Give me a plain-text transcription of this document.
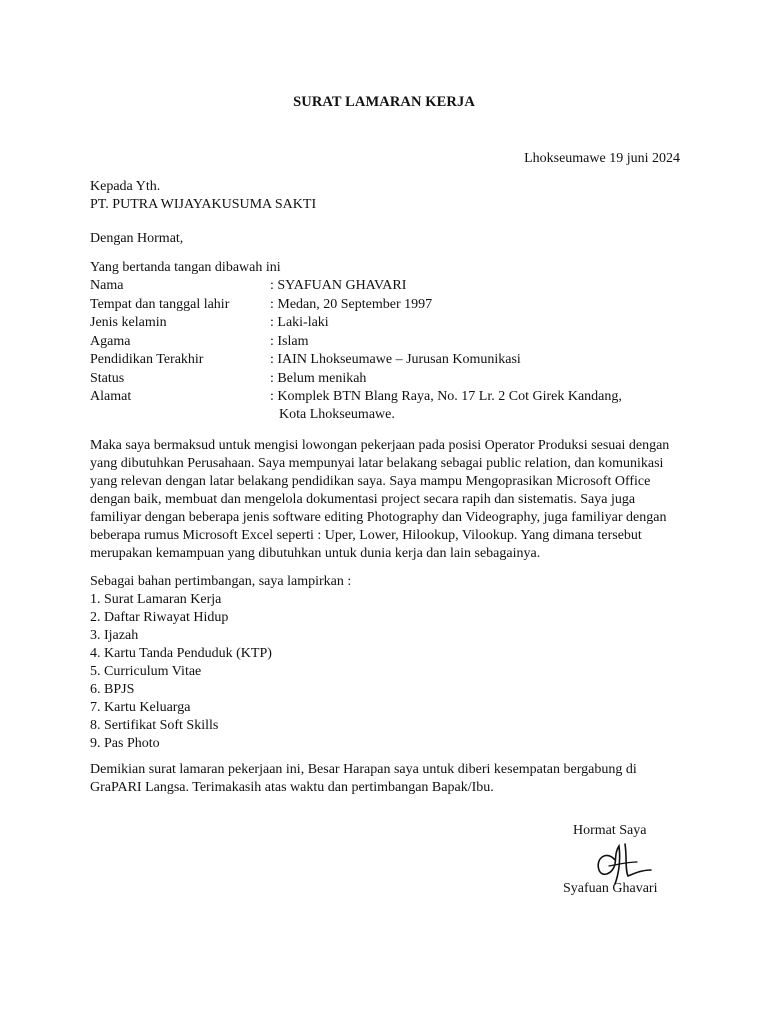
SURAT LAMARAN KERJA
Lhokseumawe 19 juni 2024
Kepada Yth.
PT. PUTRA WIJAYAKUSUMA SAKTI
Dengan Hormat,
Yang bertanda tangan dibawah ini
Nama	: SYAFUAN GHAVARI
Tempat dan tanggal lahir	: Medan, 20 September 1997
Jenis kelamin	: Laki-laki
Agama	: Islam
Pendidikan Terakhir	: IAIN Lhokseumawe – Jurusan Komunikasi
Status	: Belum menikah
Alamat	: Komplek BTN Blang Raya, No. 17 Lr. 2 Cot Girek Kandang,
Kota Lhokseumawe.
Maka saya bermaksud untuk mengisi lowongan pekerjaan pada posisi Operator Produksi sesuai dengan
yang dibutuhkan Perusahaan. Saya mempunyai latar belakang sebagai public relation, dan komunikasi
yang relevan dengan latar belakang pendidikan saya. Saya mampu Mengoprasikan Microsoft Office
dengan baik, membuat dan mengelola dokumentasi project secara rapih dan sistematis. Saya juga
familiyar dengan beberapa jenis software editing Photography dan Videography, juga familiyar dengan
beberapa rumus Microsoft Excel seperti : Uper, Lower, Hilookup, Vilookup. Yang dimana tersebut
merupakan kemampuan yang dibutuhkan untuk dunia kerja dan lain sebagainya.
Sebagai bahan pertimbangan, saya lampirkan :
1. Surat Lamaran Kerja
2. Daftar Riwayat Hidup
3. Ijazah
4. Kartu Tanda Penduduk (KTP)
5. Curriculum Vitae
6. BPJS
7. Kartu Keluarga
8. Sertifikat Soft Skills
9. Pas Photo
Demikian surat lamaran pekerjaan ini, Besar Harapan saya untuk diberi kesempatan bergabung di
GraPARI Langsa. Terimakasih atas waktu dan pertimbangan Bapak/Ibu.
Hormat Saya
Syafuan Ghavari
